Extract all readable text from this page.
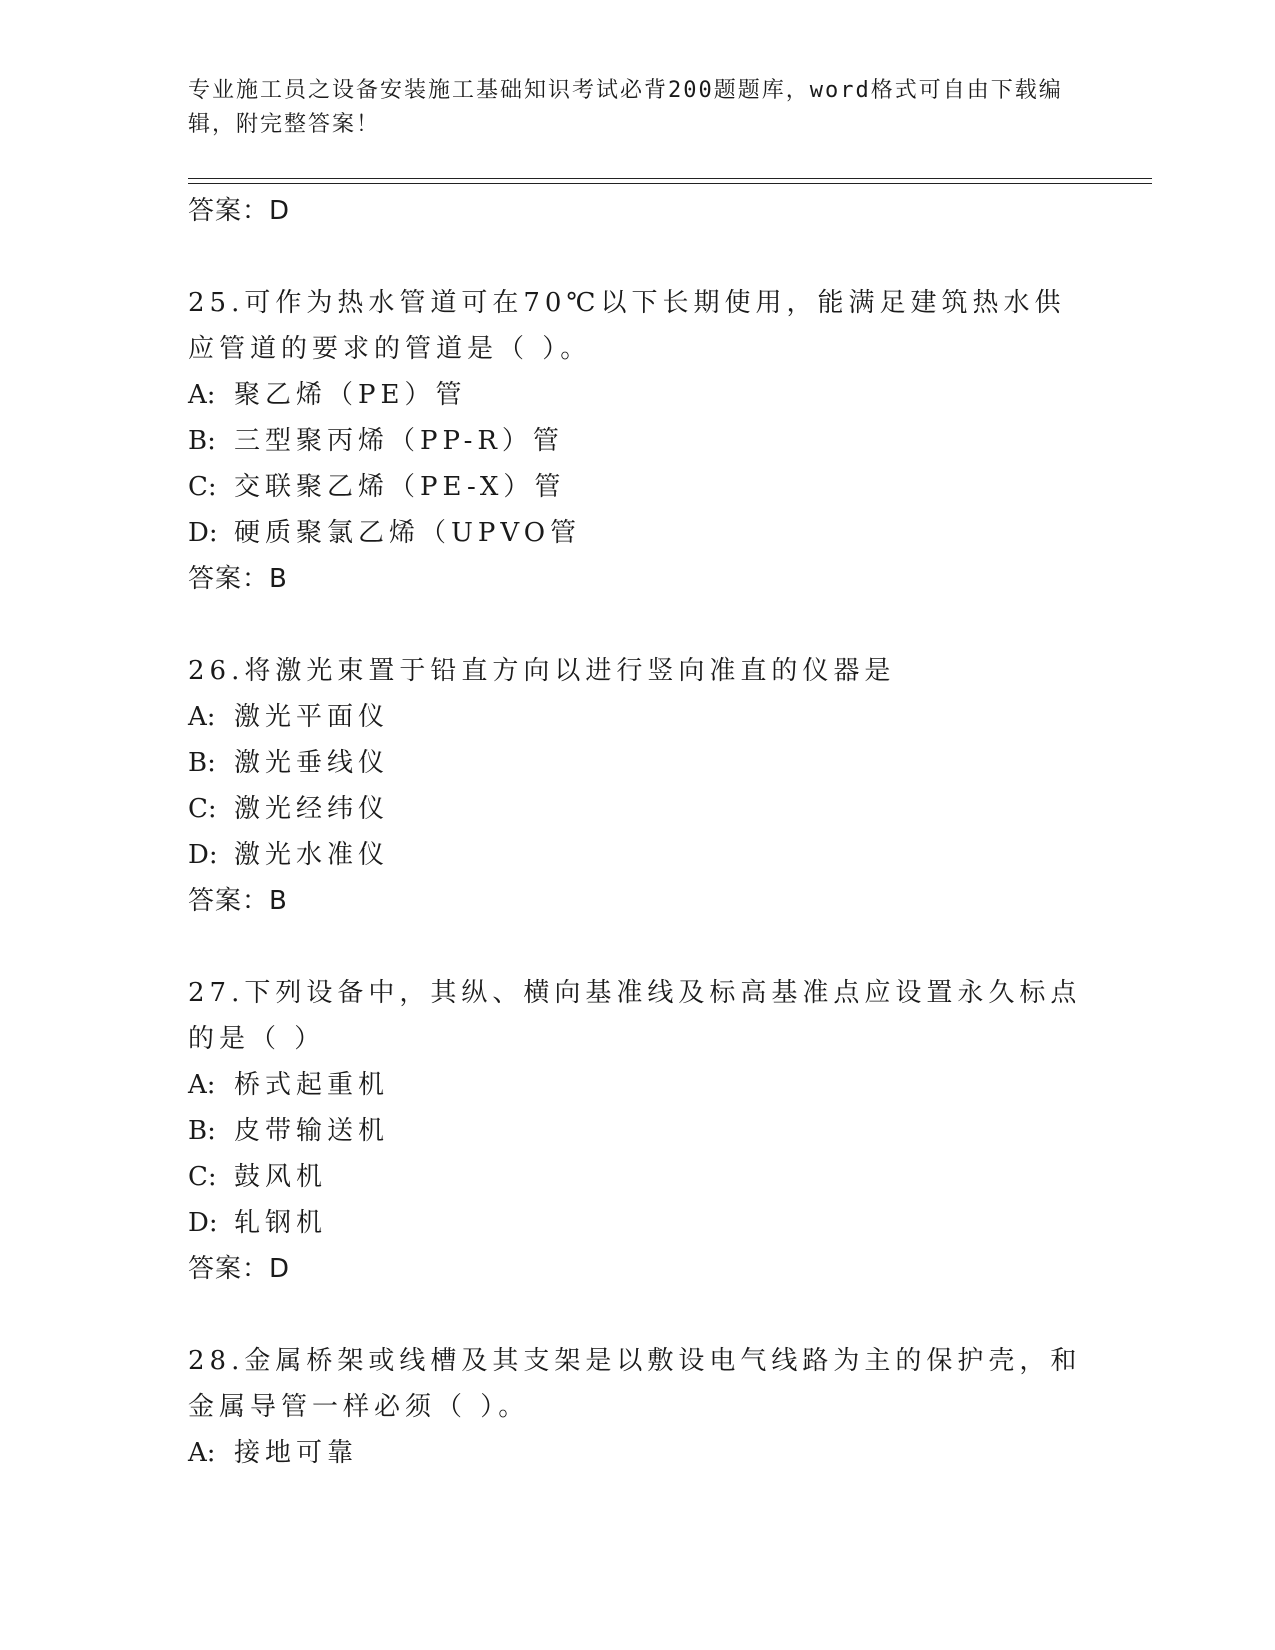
专业施工员之设备安装施工基础知识考试必背200题题库，word格式可自由下载编辑，附完整答案！

答案：D

25.可作为热水管道可在70℃以下长期使用，能满足建筑热水供应管道的要求的管道是（ ）。

A: 聚乙烯（PE）管

B: 三型聚丙烯（PP-R）管

C: 交联聚乙烯（PE-X）管

D: 硬质聚氯乙烯（UPVO管

答案：B

26.将激光束置于铅直方向以进行竖向准直的仪器是

A: 激光平面仪

B: 激光垂线仪

C: 激光经纬仪

D: 激光水准仪

答案：B

27.下列设备中，其纵、横向基准线及标高基准点应设置永久标点的是（ ）

A: 桥式起重机

B: 皮带输送机

C: 鼓风机

D: 轧钢机

答案：D

28.金属桥架或线槽及其支架是以敷设电气线路为主的保护壳，和金属导管一样必须（ ）。

A: 接地可靠
